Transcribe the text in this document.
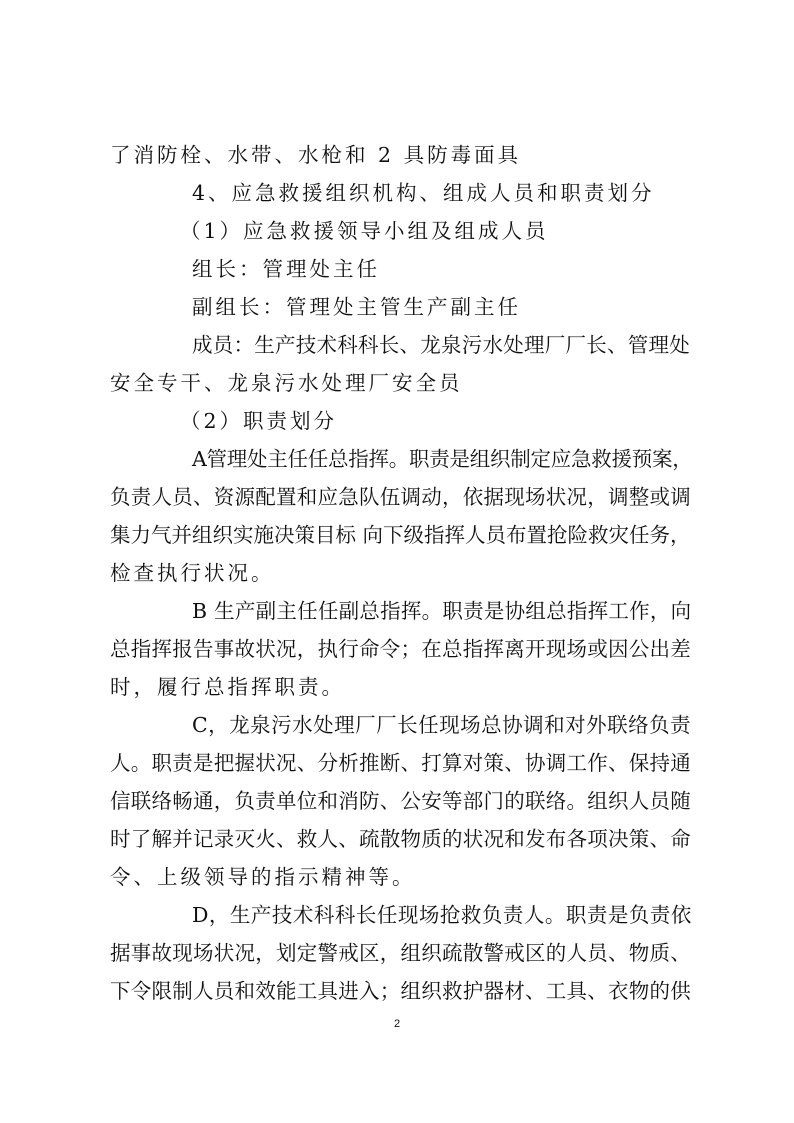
了消防栓、水带、水枪和 2 具防毒面具
4、应急救援组织机构、组成人员和职责划分
（1）应急救援领导小组及组成人员
组长：管理处主任
副组长：管理处主管生产副主任
成员：生产技术科科长、龙泉污水处理厂厂长、管理处
安全专干、龙泉污水处理厂安全员
（2）职责划分
A管理处主任任总指挥。职责是组织制定应急救援预案，
负责人员、资源配置和应急队伍调动，依据现场状况，调整或调
集力气并组织实施决策目标 向下级指挥人员布置抢险救灾任务，
检查执行状况。
B 生产副主任任副总指挥。职责是协组总指挥工作，向
总指挥报告事故状况，执行命令；在总指挥离开现场或因公出差
时，履行总指挥职责。
C，龙泉污水处理厂厂长任现场总协调和对外联络负责
人。职责是把握状况、分析推断、打算对策、协调工作、保持通
信联络畅通，负责单位和消防、公安等部门的联络。组织人员随
时了解并记录灭火、救人、疏散物质的状况和发布各项决策、命
令、上级领导的指示精神等。
D，生产技术科科长任现场抢救负责人。职责是负责依
据事故现场状况，划定警戒区，组织疏散警戒区的人员、物质、
下令限制人员和效能工具进入；组织救护器材、工具、衣物的供
2
